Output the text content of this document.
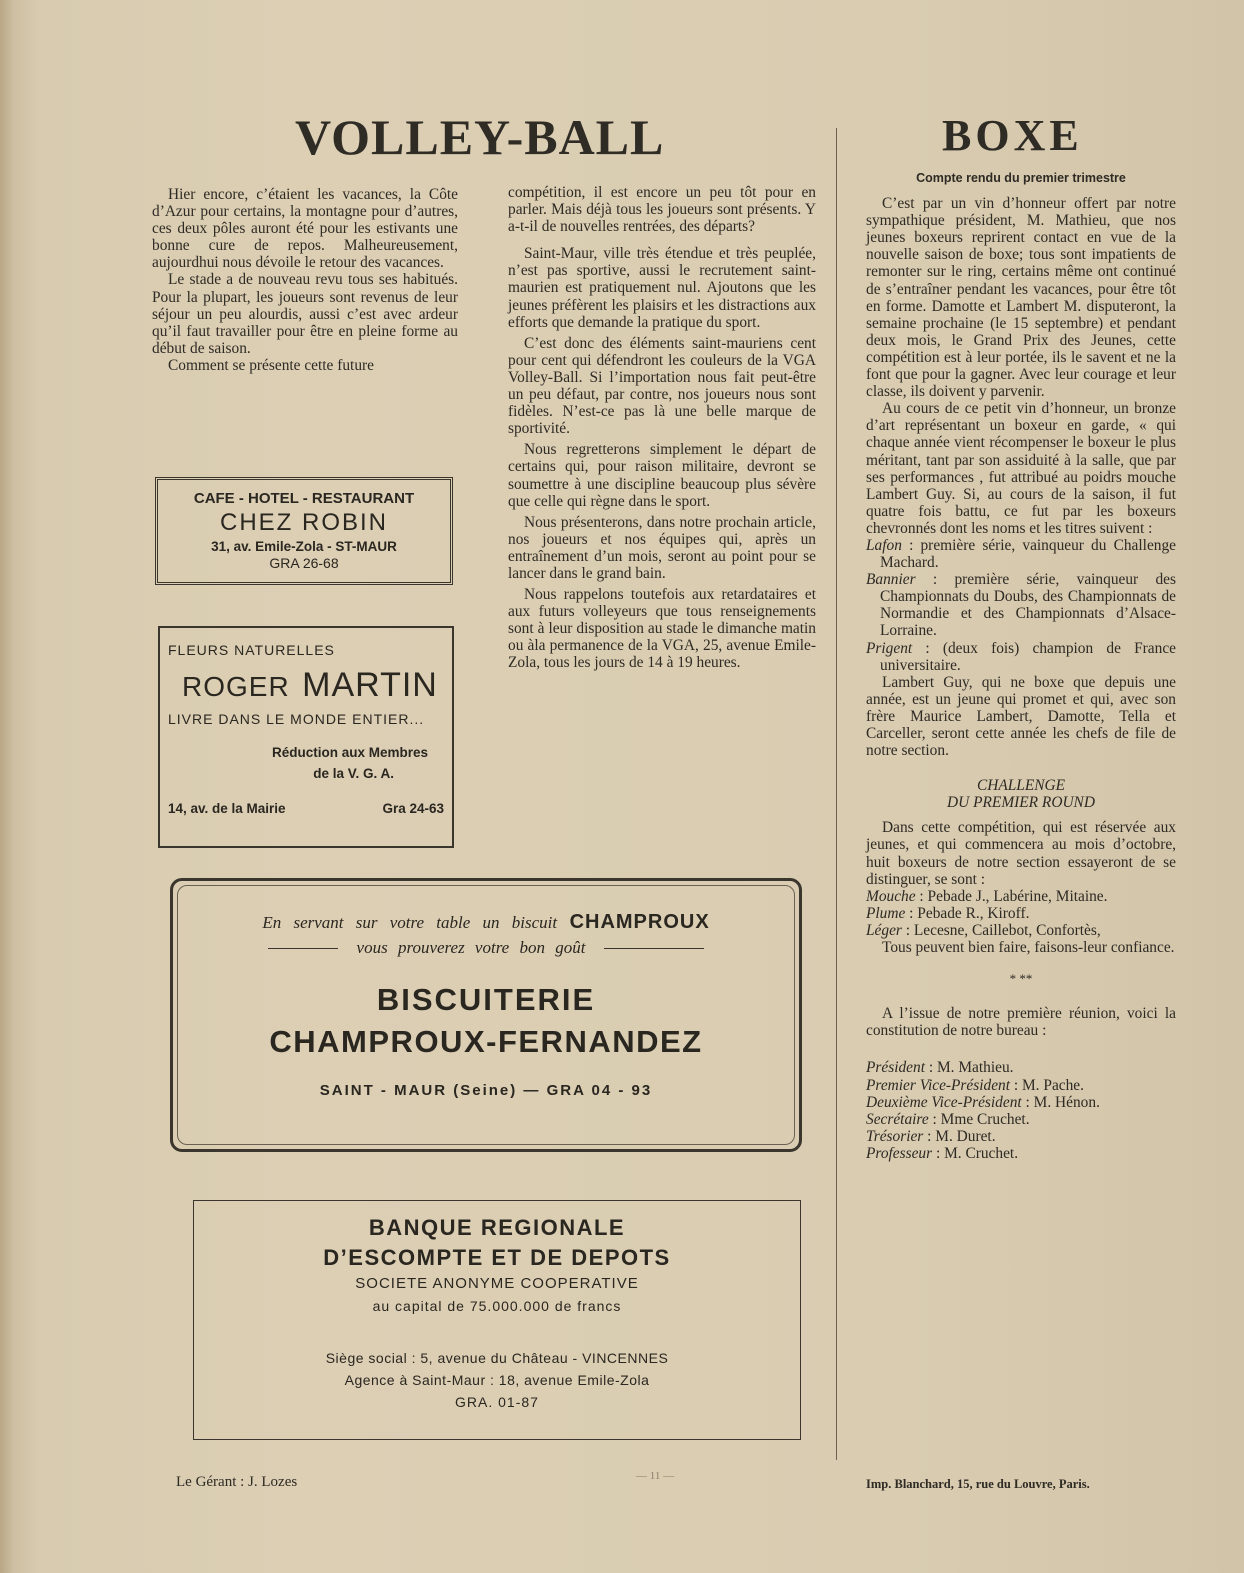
VOLLEY-BALL

Hier encore, c’étaient les vacances, la Côte d’Azur pour certains, la montagne pour d’autres, ces deux pôles auront été pour les estivants une bonne cure de repos. Malheureusement, aujourdhui nous dévoile le retour des vacances.

Le stade a de nouveau revu tous ses habitués. Pour la plupart, les joueurs sont revenus de leur séjour un peu alourdis, aussi c’est avec ardeur qu’il faut travailler pour être en pleine forme au début de saison.

Comment se présente cette future

compétition, il est encore un peu tôt pour en parler. Mais déjà tous les joueurs sont présents. Y a-t-il de nouvelles rentrées, des départs?

Saint-Maur, ville très étendue et très peuplée, n’est pas sportive, aussi le recrutement saint-maurien est pratiquement nul. Ajoutons que les jeunes préfèrent les plaisirs et les distractions aux efforts que demande la pratique du sport.

C’est donc des éléments saint-mauriens cent pour cent qui défendront les couleurs de la VGA Volley-Ball. Si l’importation nous fait peut-être un peu défaut, par contre, nos joueurs nous sont fidèles. N’est-ce pas là une belle marque de sportivité.

Nous regretterons simplement le départ de certains qui, pour raison militaire, devront se soumettre à une discipline beaucoup plus sévère que celle qui règne dans le sport.

Nous présenterons, dans notre prochain article, nos joueurs et nos équipes qui, après un entraînement d’un mois, seront au point pour se lancer dans le grand bain.

Nous rappelons toutefois aux retardataires et aux futurs volleyeurs que tous renseignements sont à leur disposition au stade le dimanche matin ou àla permanence de la VGA, 25, avenue Emile-Zola, tous les jours de 14 à 19 heures.

CAFE - HOTEL - RESTAURANT
CHEZ ROBIN
31, av. Emile-Zola - ST-MAUR
GRA 26-68
FLEURS NATURELLES
ROGER MARTIN
LIVRE DANS LE MONDE ENTIER...
Réduction aux Membres
de la V. G. A.
14, av. de la Mairie	Gra 24-63
En servant sur votre table un biscuit CHAMPROUX
vous prouverez votre bon goût
BISCUITERIE
CHAMPROUX-FERNANDEZ
SAINT - MAUR (Seine) — GRA 04 - 93
BANQUE REGIONALE
D’ESCOMPTE ET DE DEPOTS
SOCIETE ANONYME COOPERATIVE
au capital de 75.000.000 de francs
Siège social : 5, avenue du Château - VINCENNES
Agence à Saint-Maur : 18, avenue Emile-Zola
GRA. 01-87
BOXE

Compte rendu du premier trimestre

C’est par un vin d’honneur offert par notre sympathique président, M. Mathieu, que nos jeunes boxeurs reprirent contact en vue de la nouvelle saison de boxe; tous sont impatients de remonter sur le ring, certains même ont continué de s’entraîner pendant les vacances, pour être tôt en forme. Damotte et Lambert M. disputeront, la semaine prochaine (le 15 septembre) et pendant deux mois, le Grand Prix des Jeunes, cette compétition est à leur portée, ils le savent et ne la font que pour la gagner. Avec leur courage et leur classe, ils doivent y parvenir.

Au cours de ce petit vin d’honneur, un bronze d’art représentant un boxeur en garde, « qui chaque année vient récompenser le boxeur le plus méritant, tant par son assiduité à la salle, que par ses performances , fut attribué au poidrs mouche Lambert Guy. Si, au cours de la saison, il fut quatre fois battu, ce fut par les boxeurs chevronnés dont les noms et les titres suivent :

Lafon : première série, vainqueur du Challenge Machard.

Bannier : première série, vainqueur des Championnats du Doubs, des Championnats de Normandie et des Championnats d’Alsace-Lorraine.

Prigent : (deux fois) champion de France universitaire.

Lambert Guy, qui ne boxe que depuis une année, est un jeune qui promet et qui, avec son frère Maurice Lambert, Damotte, Tella et Carceller, seront cette année les chefs de file de notre section.

CHALLENGE

DU PREMIER ROUND

Dans cette compétition, qui est réservée aux jeunes, et qui commencera au mois d’octobre, huit boxeurs de notre section essayeront de se distinguer, se sont :

Mouche : Pebade J., Labérine, Mitaine.

Plume : Pebade R., Kiroff.

Léger : Lecesne, Caillebot, Confortès,

Tous peuvent bien faire, faisons-leur confiance.

* **

A l’issue de notre première réunion, voici la constitution de notre bureau :

Président : M. Mathieu.

Premier Vice-Président : M. Pache.

Deuxième Vice-Président : M. Hénon.

Secrétaire : Mme Cruchet.

Trésorier : M. Duret.

Professeur : M. Cruchet.

Le Gérant : J. Lozes	— 11 —
Imp. Blanchard, 15, rue du Louvre, Paris.
